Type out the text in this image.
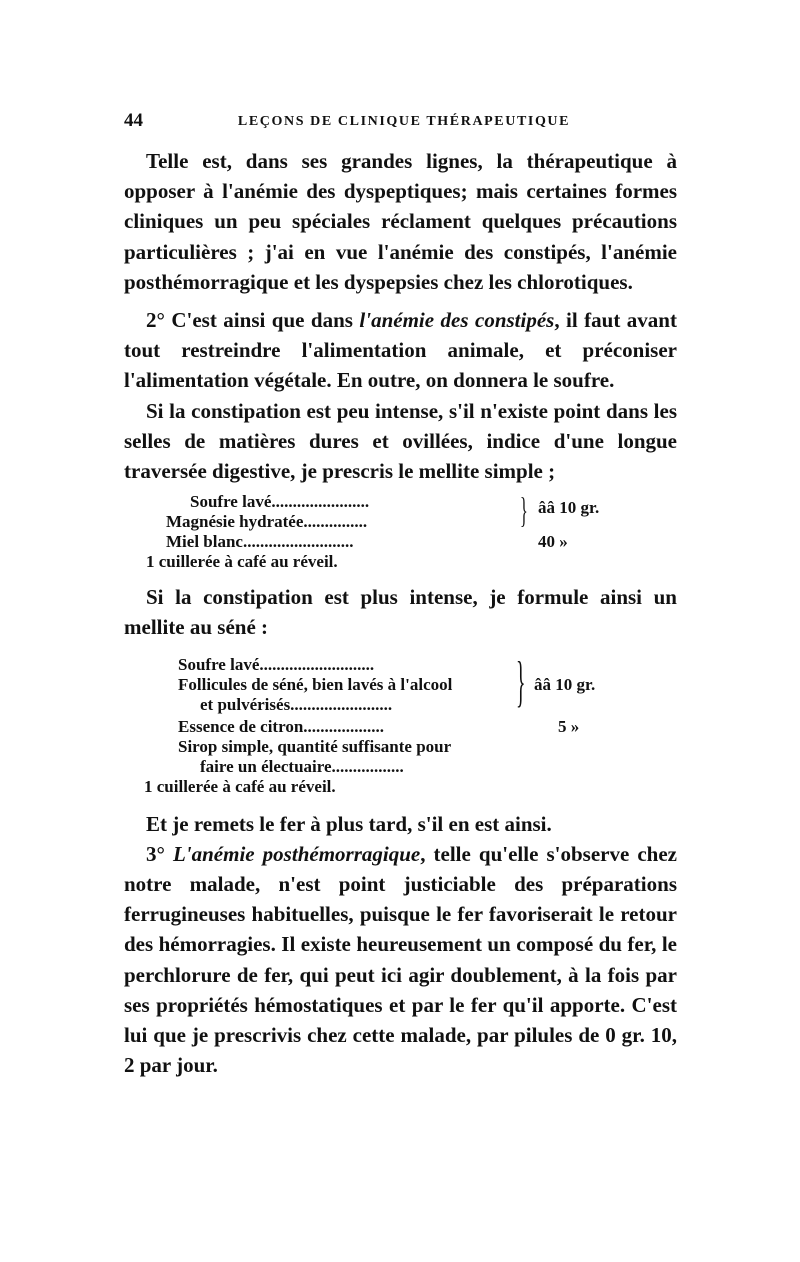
44	LEÇONS DE CLINIQUE THÉRAPEUTIQUE

Telle est, dans ses grandes lignes, la thérapeutique à opposer à l'anémie des dyspeptiques; mais certaines formes cliniques un peu spéciales réclament quelques précautions particulières ; j'ai en vue l'anémie des constipés, l'anémie posthémorragique et les dyspepsies chez les chlorotiques.

2° C'est ainsi que dans l'anémie des constipés, il faut avant tout restreindre l'alimentation animale, et préconiser l'alimentation végétale. En outre, on donnera le soufre.

Si la constipation est peu intense, s'il n'existe point dans les selles de matières dures et ovillées, indice d'une longue traversée digestive, je prescris le mellite simple ;

Soufre lavé.......................
Magnésie hydratée...............	} ââ 10 gr.
Miel blanc..........................	40 »
1 cuillerée à café au réveil.

Si la constipation est plus intense, je formule ainsi un mellite au séné :

Soufre lavé...........................
Follicules de séné, bien lavés à l'alcool
et pulvérisés........................ } ââ 10 gr.
Essence de citron...................	5 »
Sirop simple, quantité suffisante pour
faire un électuaire.................
1 cuillerée à café au réveil.

Et je remets le fer à plus tard, s'il en est ainsi.

3° L'anémie posthémorragique, telle qu'elle s'observe chez notre malade, n'est point justiciable des préparations ferrugineuses habituelles, puisque le fer favoriserait le retour des hémorragies. Il existe heureusement un composé du fer, le perchlorure de fer, qui peut ici agir doublement, à la fois par ses propriétés hémostatiques et par le fer qu'il apporte. C'est lui que je prescrivis chez cette malade, par pilules de 0 gr. 10, 2 par jour.
